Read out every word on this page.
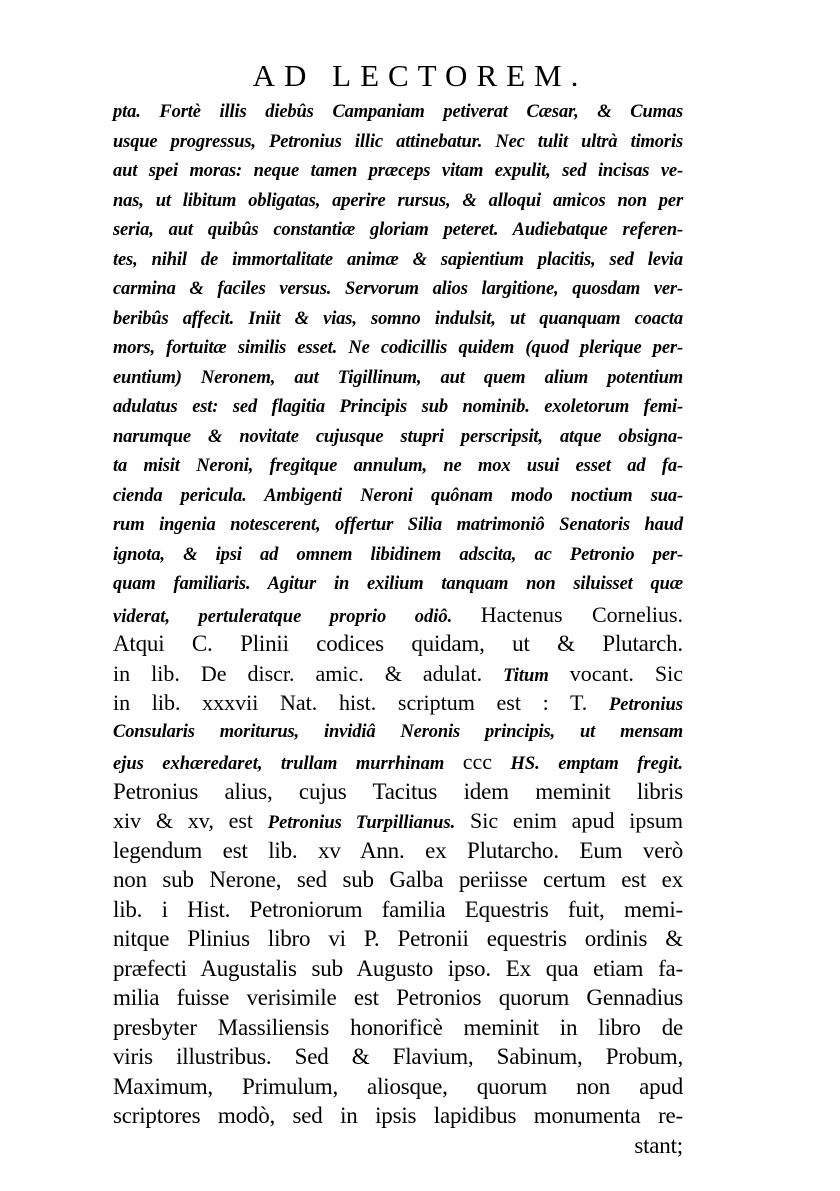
AD LECTOREM.
pta. Fortè illis diebûs Campaniam petiverat Cæsar, & Cumas
usque progressus, Petronius illic attinebatur. Nec tulit ultrà timoris
aut spei moras: neque tamen præceps vitam expulit, sed incisas ve-
nas, ut libitum obligatas, aperire rursus, & alloqui amicos non per
seria, aut quibûs constantiæ gloriam peteret. Audiebatque referen-
tes, nihil de immortalitate animæ & sapientium placitis, sed levia
carmina & faciles versus. Servorum alios largitione, quosdam ver-
beribûs affecit. Iniit & vias, somno indulsit, ut quanquam coacta
mors, fortuitæ similis esset. Ne codicillis quidem (quod plerique per-
euntium) Neronem, aut Tigillinum, aut quem alium potentium
adulatus est: sed flagitia Principis sub nominib. exoletorum femi-
narumque & novitate cujusque stupri perscripsit, atque obsigna-
ta misit Neroni, fregitque annulum, ne mox usui esset ad fa-
cienda pericula. Ambigenti Neroni quônam modo noctium sua-
rum ingenia notescerent, offertur Silia matrimoniô Senatoris haud
ignota, & ipsi ad omnem libidinem adscita, ac Petronio per-
quam familiaris. Agitur in exilium tanquam non siluisset quæ
viderat, pertuleratque proprio odiô. Hactenus Cornelius.
Atqui C. Plinii codices quidam, ut & Plutarch.
in lib. De discr. amic. & adulat. Titum vocant. Sic
in lib. xxxvii Nat. hist. scriptum est : T. Petronius
Consularis moriturus, invidiâ Neronis principis, ut mensam
ejus exhæredaret, trullam murrhinam ccc HS. emptam fregit.
Petronius alius, cujus Tacitus idem meminit libris
xiv & xv, est Petronius Turpillianus. Sic enim apud ipsum
legendum est lib. xv Ann. ex Plutarcho. Eum verò
non sub Nerone, sed sub Galba periisse certum est ex
lib. i Hist. Petroniorum familia Equestris fuit, memi-
nitque Plinius libro vi P. Petronii equestris ordinis &
præfecti Augustalis sub Augusto ipso. Ex qua etiam fa-
milia fuisse verisimile est Petronios quorum Gennadius
presbyter Massiliensis honorificè meminit in libro de
viris illustribus. Sed & Flavium, Sabinum, Probum,
Maximum, Primulum, aliosque, quorum non apud
scriptores modò, sed in ipsis lapidibus monumenta re-
stant;
